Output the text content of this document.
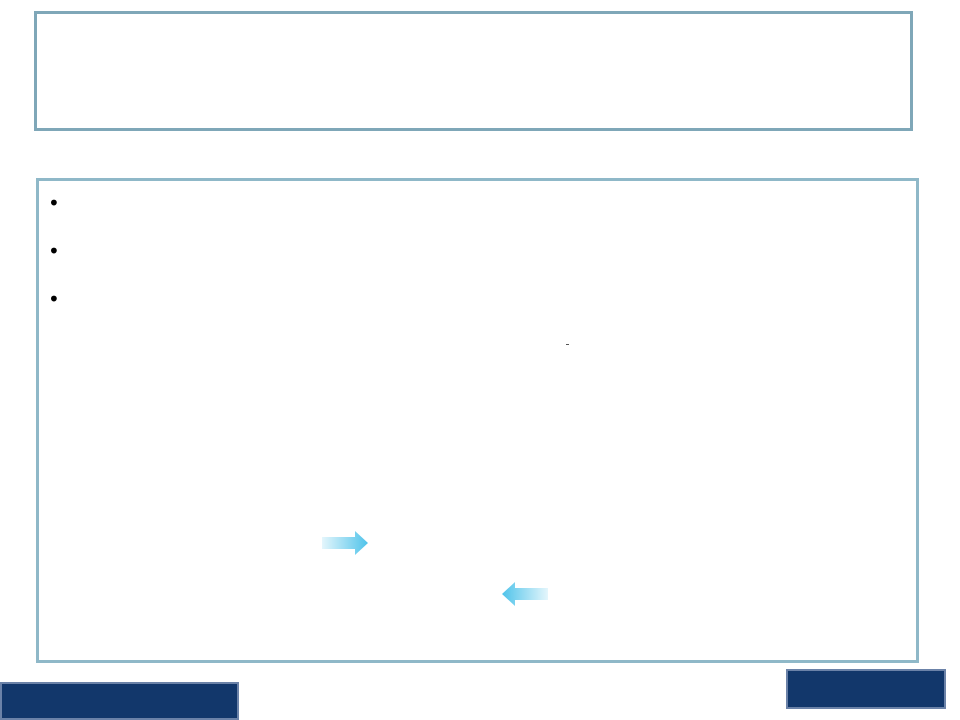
•
•
•
